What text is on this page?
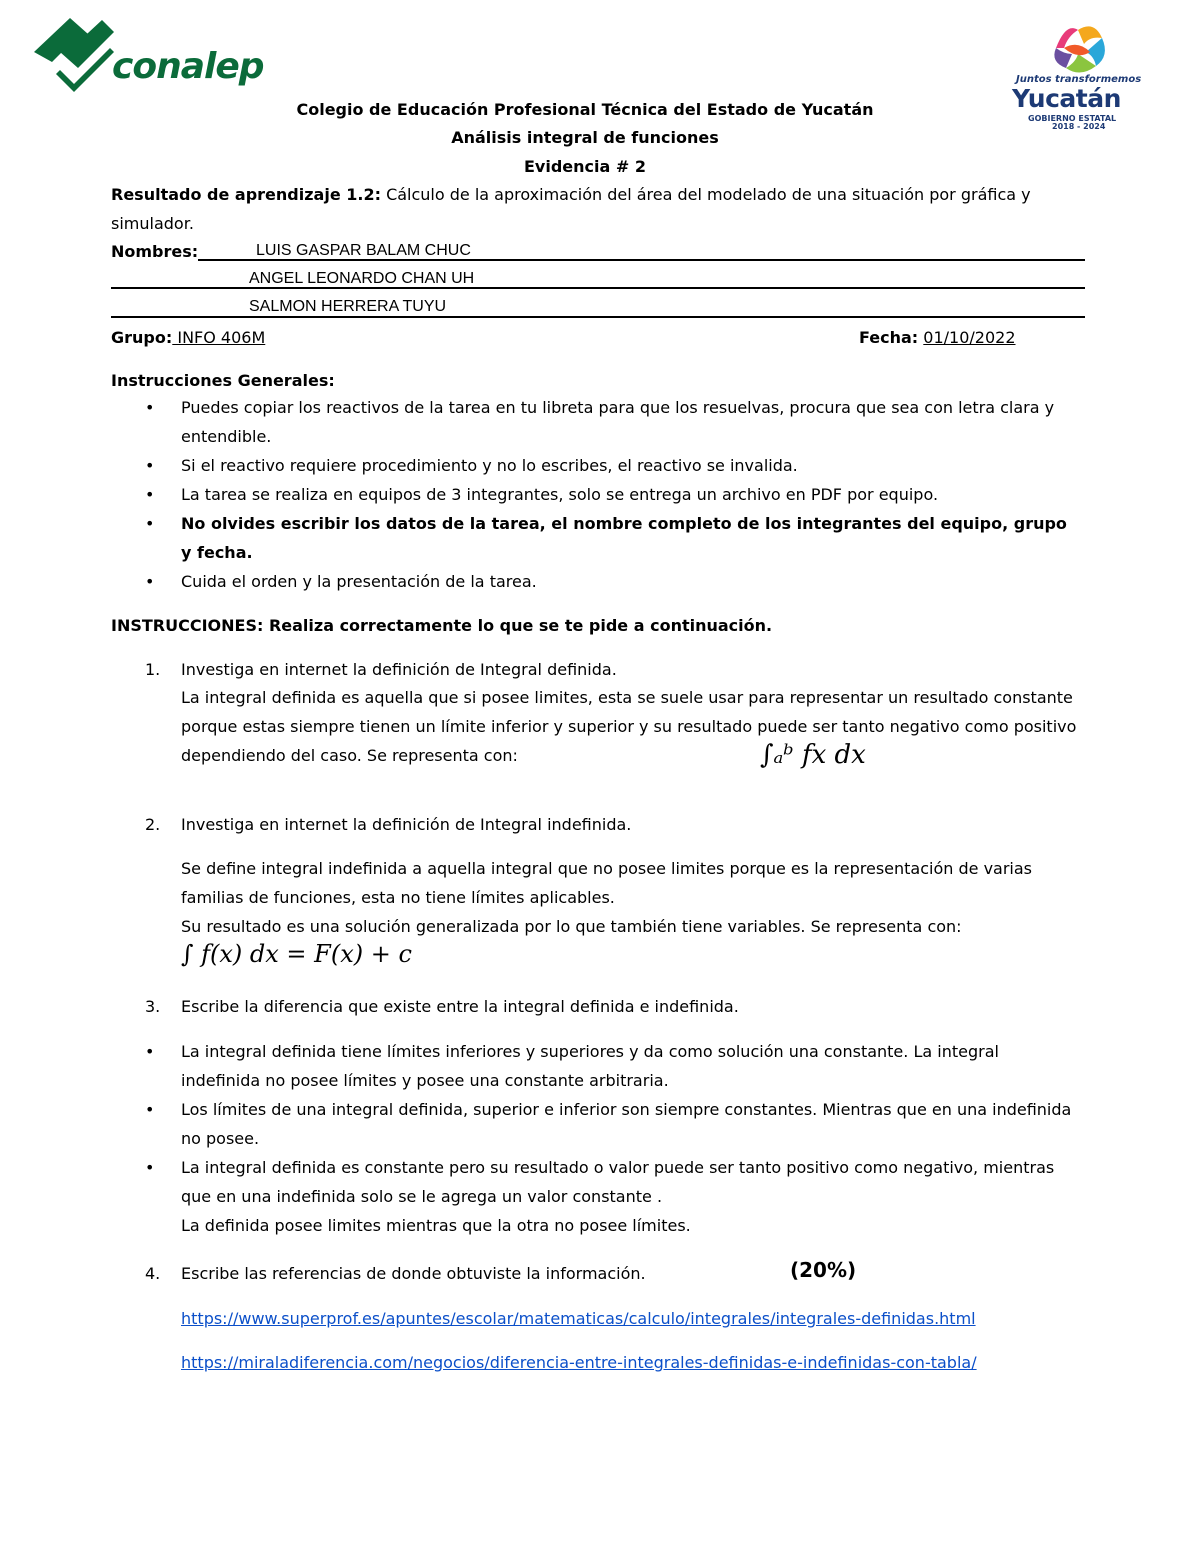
conalep	Juntos transformemos
Yucatán
GOBIERNO ESTATAL
2018 - 2024
Colegio de Educación Profesional Técnica del Estado de Yucatán
Análisis integral de funciones
Evidencia # 2
Resultado de aprendizaje 1.2: Cálculo de la aproximación del área del modelado de una situación por gráfica y
simulador.
Nombres:	LUIS GASPAR BALAM CHUC
ANGEL LEONARDO CHAN UH
SALMON HERRERA TUYU
Grupo: INFO 406M	Fecha: 01/10/2022
Instrucciones Generales:
• Puedes copiar los reactivos de la tarea en tu libreta para que los resuelvas, procura que sea con letra clara y entendible.
• Si el reactivo requiere procedimiento y no lo escribes, el reactivo se invalida.
• La tarea se realiza en equipos de 3 integrantes, solo se entrega un archivo en PDF por equipo.
• No olvides escribir los datos de la tarea, el nombre completo de los integrantes del equipo, grupo y fecha.
• Cuida el orden y la presentación de la tarea.
INSTRUCCIONES: Realiza correctamente lo que se te pide a continuación.
1. Investiga en internet la definición de Integral definida.
La integral definida es aquella que si posee limites, esta se suele usar para representar un resultado constante porque estas siempre tienen un límite inferior y superior y su resultado puede ser tanto negativo como positivo dependiendo del caso. Se representa con:	∫ₐᵇ fx dx
2. Investiga en internet la definición de Integral indefinida.
Se define integral indefinida a aquella integral que no posee limites porque es la representación de varias familias de funciones, esta no tiene límites aplicables.
Su resultado es una solución generalizada por lo que también tiene variables. Se representa con:
∫ f(x) dx = F(x) + c
3. Escribe la diferencia que existe entre la integral definida e indefinida.
• La integral definida tiene límites inferiores y superiores y da como solución una constante. La integral indefinida no posee límites y posee una constante arbitraria.
• Los límites de una integral definida, superior e inferior son siempre constantes. Mientras que en una indefinida no posee.
• La integral definida es constante pero su resultado o valor puede ser tanto positivo como negativo, mientras que en una indefinida solo se le agrega un valor constante .
La definida posee limites mientras que la otra no posee límites.
4. Escribe las referencias de donde obtuviste la información.	(20%)
https://www.superprof.es/apuntes/escolar/matematicas/calculo/integrales/integrales-definidas.html
https://miraladiferencia.com/negocios/diferencia-entre-integrales-definidas-e-indefinidas-con-tabla/
